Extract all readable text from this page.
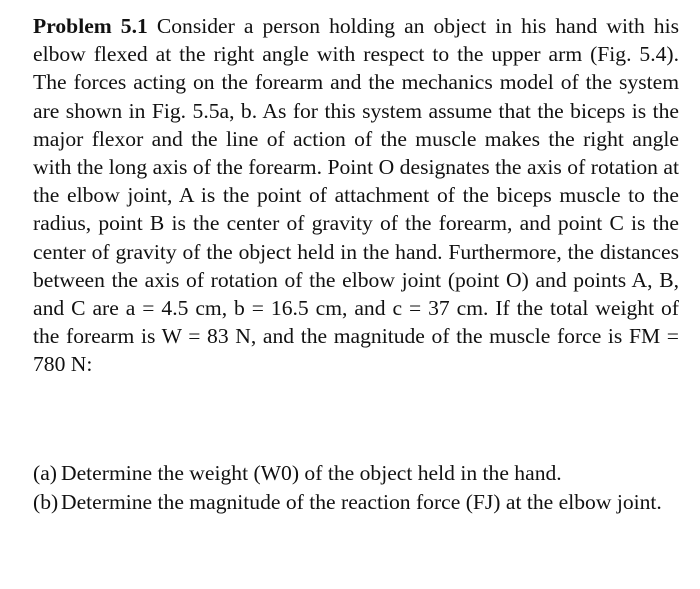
Problem 5.1 Consider a person holding an object in his hand with his elbow flexed at the right angle with respect to the upper arm (Fig. 5.4). The forces acting on the forearm and the mechanics model of the system are shown in Fig. 5.5a, b. As for this system assume that the biceps is the major flexor and the line of action of the muscle makes the right angle with the long axis of the forearm. Point O designates the axis of rotation at the elbow joint, A is the point of attachment of the biceps muscle to the radius, point B is the center of gravity of the forearm, and point C is the center of gravity of the object held in the hand. Furthermore, the distances between the axis of rotation of the elbow joint (point O) and points A, B, and C are a = 4.5 cm, b = 16.5 cm, and c = 37 cm. If the total weight of the forearm is W = 83 N, and the magnitude of the muscle force is FM = 780 N:

(a) Determine the weight (W0) of the object held in the hand.
(b) Determine the magnitude of the reaction force (FJ) at the elbow joint.
